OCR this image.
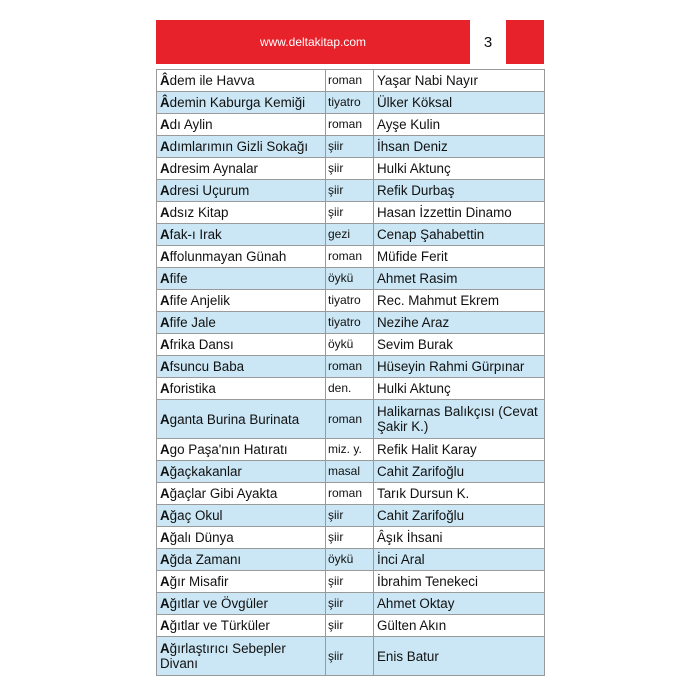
www.deltakitap.com	3
Âdem ile Havva	roman	Yaşar Nabi Nayır
Âdemin Kaburga Kemiği	tiyatro	Ülker Köksal
Adı Aylin	roman	Ayşe Kulin
Adımlarımın Gizli Sokağı	şiir	İhsan Deniz
Adresim Aynalar	şiir	Hulki Aktunç
Adresi Uçurum	şiir	Refik Durbaş
Adsız Kitap	şiir	Hasan İzzettin Dinamo
Afak-ı Irak	gezi	Cenap Şahabettin
Affolunmayan Günah	roman	Müfide Ferit
Afife	öykü	Ahmet Rasim
Afife Anjelik	tiyatro	Rec. Mahmut Ekrem
Afife Jale	tiyatro	Nezihe Araz
Afrika Dansı	öykü	Sevim Burak
Afsuncu Baba	roman	Hüseyin Rahmi Gürpınar
Aforistika	den.	Hulki Aktunç
Aganta Burina Burinata	roman	Halikarnas Balıkçısı (Cevat Şakir K.)
Ago Paşa'nın Hatıratı	miz. y.	Refik Halit Karay
Ağaçkakanlar	masal	Cahit Zarifoğlu
Ağaçlar Gibi Ayakta	roman	Tarık Dursun K.
Ağaç Okul	şiir	Cahit Zarifoğlu
Ağalı Dünya	şiir	Âşık İhsani
Ağda Zamanı	öykü	İnci Aral
Ağır Misafir	şiir	İbrahim Tenekeci
Ağıtlar ve Övgüler	şiir	Ahmet Oktay
Ağıtlar ve Türküler	şiir	Gülten Akın
Ağırlaştırıcı Sebepler Divanı	şiir	Enis Batur
